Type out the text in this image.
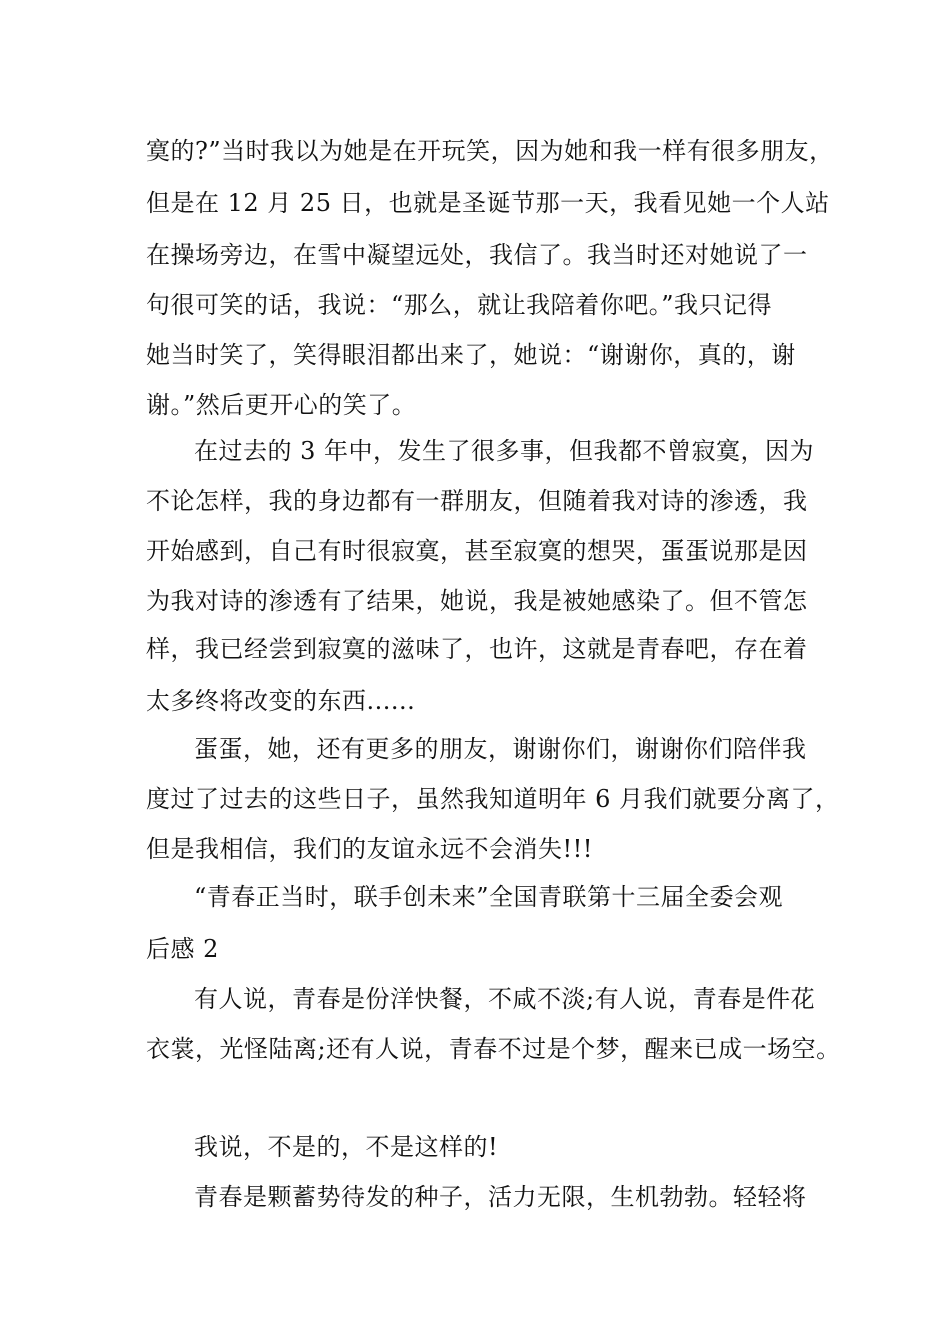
寞的?”当时我以为她是在开玩笑，因为她和我一样有很多朋友，
但是在 12 月 25 日，也就是圣诞节那一天，我看见她一个人站
在操场旁边，在雪中凝望远处，我信了。我当时还对她说了一
句很可笑的话，我说：“那么，就让我陪着你吧。”我只记得
她当时笑了，笑得眼泪都出来了，她说：“谢谢你，真的，谢
谢。”然后更开心的笑了。
在过去的 3 年中，发生了很多事，但我都不曾寂寞，因为
不论怎样，我的身边都有一群朋友，但随着我对诗的渗透，我
开始感到，自己有时很寂寞，甚至寂寞的想哭，蛋蛋说那是因
为我对诗的渗透有了结果，她说，我是被她感染了。但不管怎
样，我已经尝到寂寞的滋味了，也许，这就是青春吧，存在着
太多终将改变的东西......
蛋蛋，她，还有更多的朋友，谢谢你们，谢谢你们陪伴我
度过了过去的这些日子，虽然我知道明年 6 月我们就要分离了，
但是我相信，我们的友谊永远不会消失!!!
“青春正当时，联手创未来”全国青联第十三届全委会观
后感 2
有人说，青春是份洋快餐，不咸不淡;有人说，青春是件花
衣裳，光怪陆离;还有人说，青春不过是个梦，醒来已成一场空。
我说，不是的，不是这样的!
青春是颗蓄势待发的种子，活力无限，生机勃勃。轻轻将
